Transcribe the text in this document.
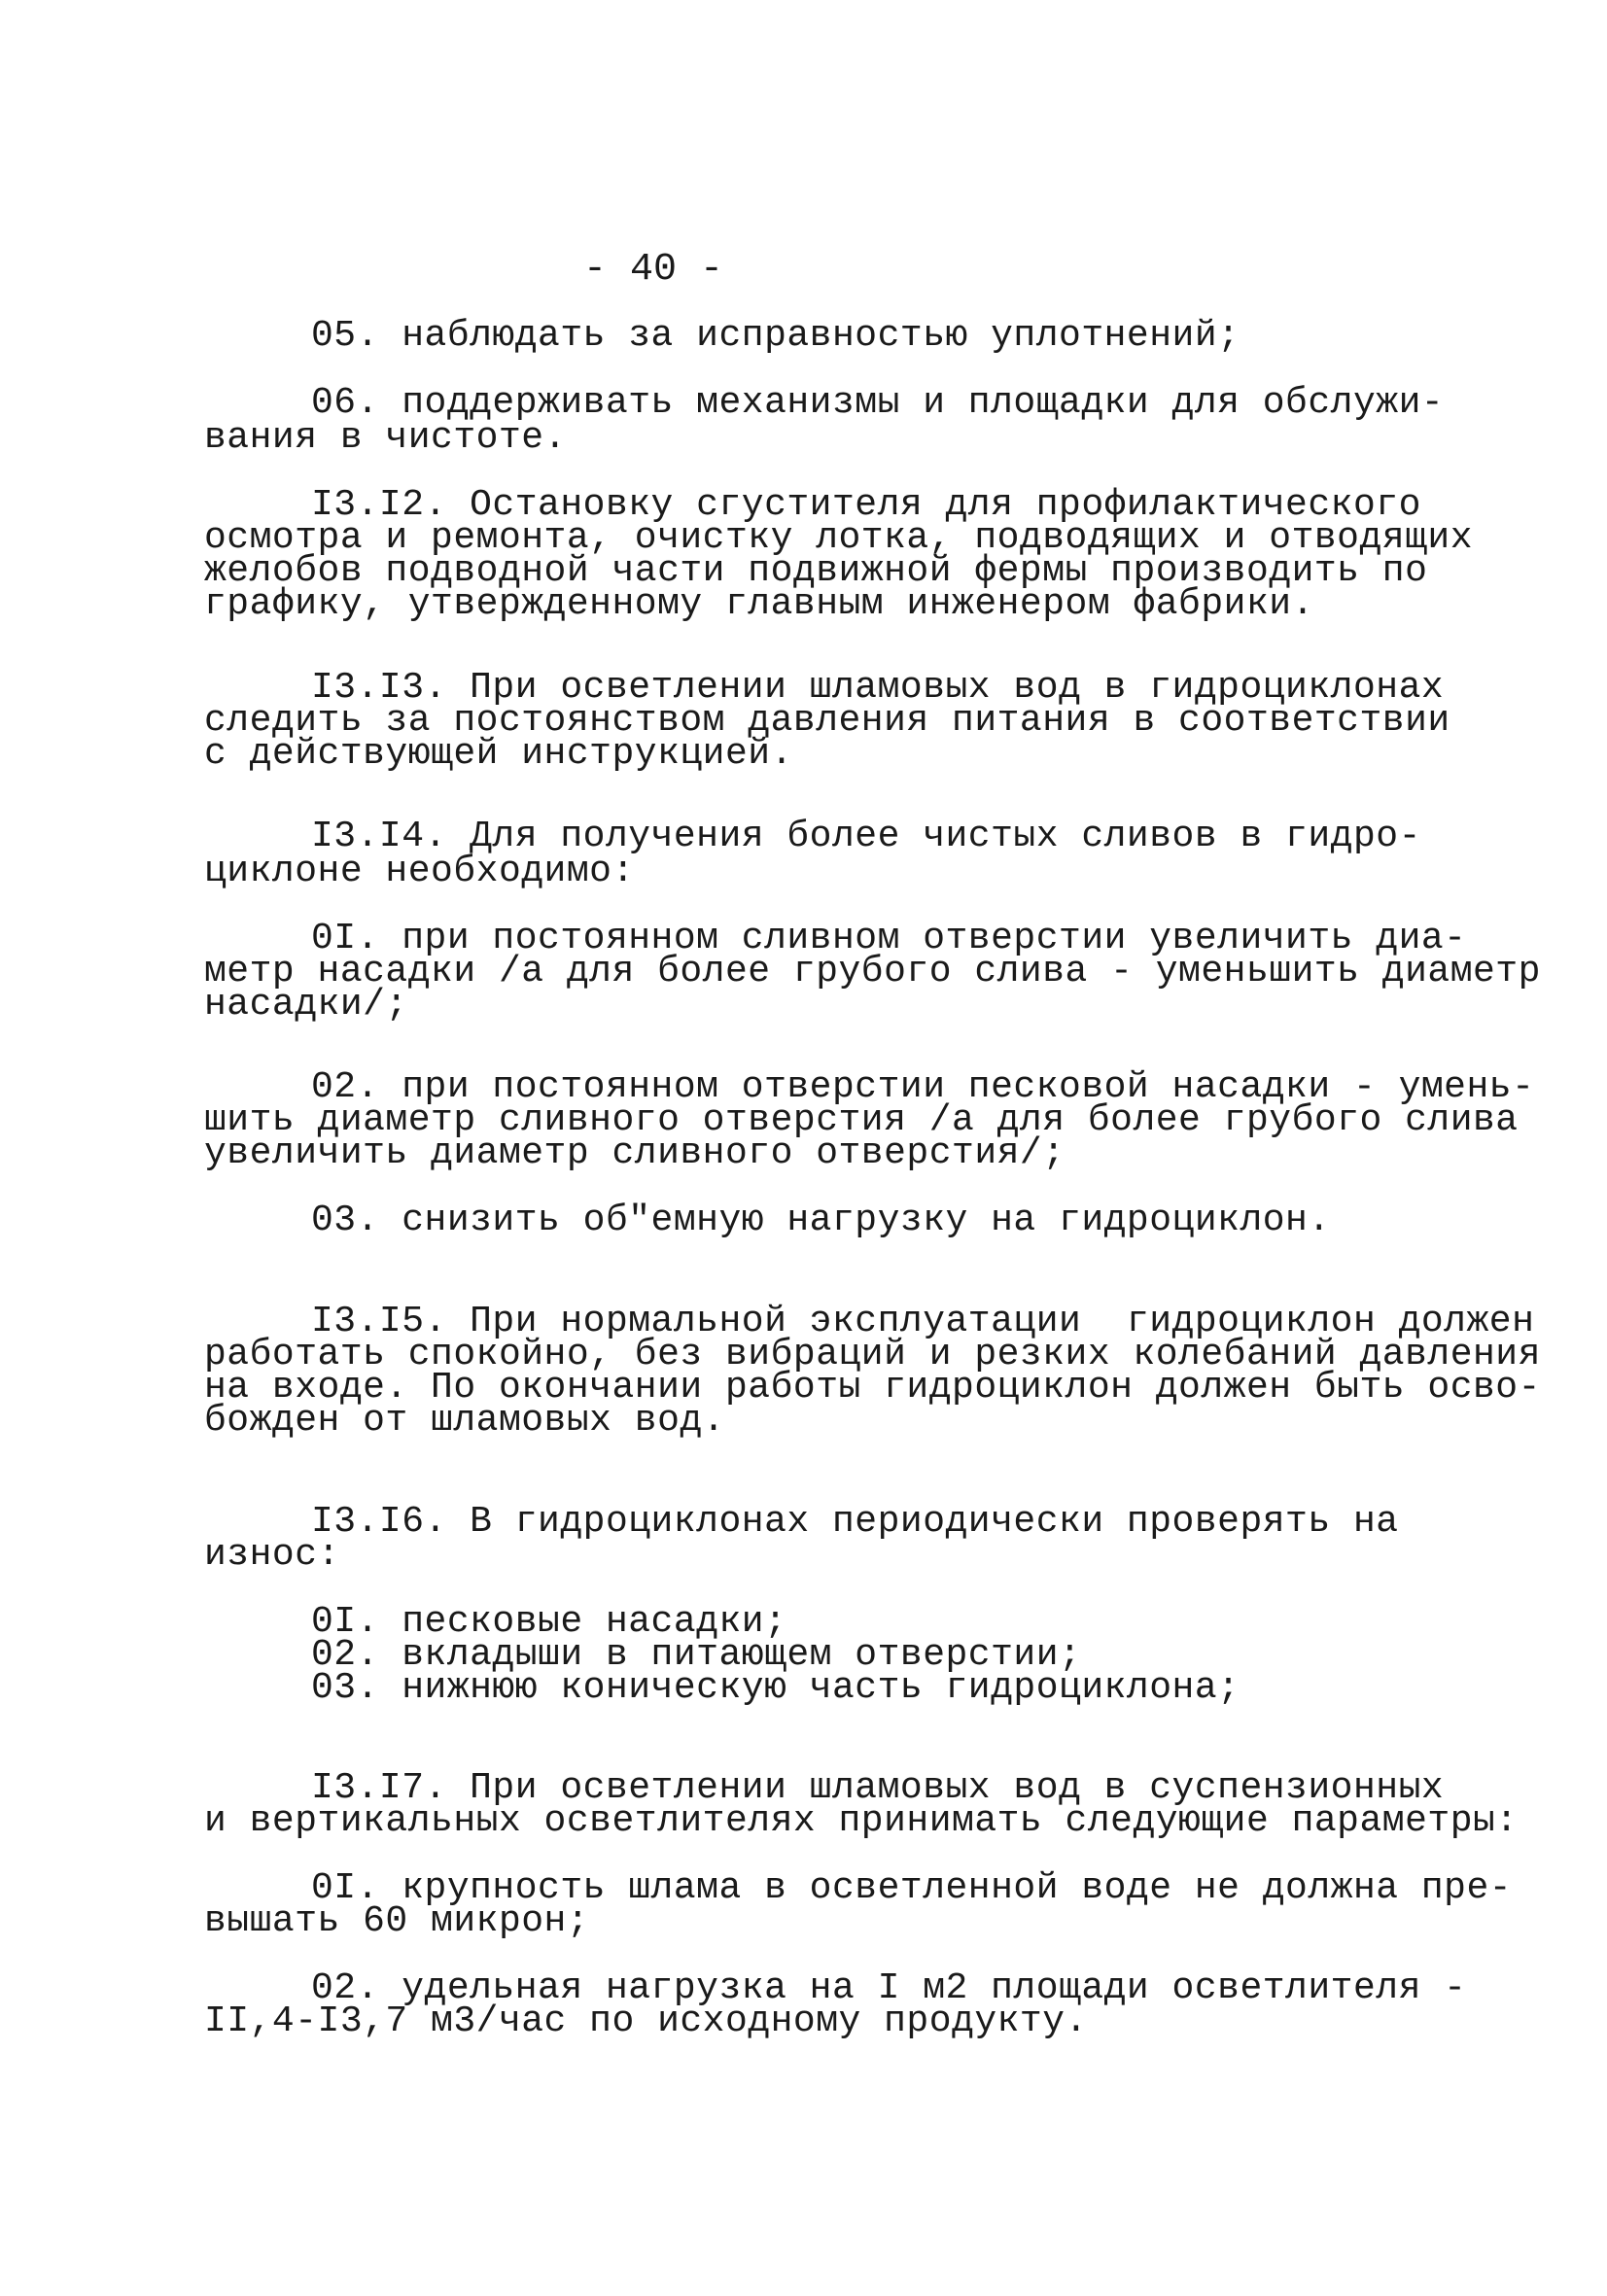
- 40 -
05. наблюдать за исправностью уплотнений;
06. поддерживать механизмы и площадки для обслужи-
вания в чистоте.
I3.I2. Остановку сгустителя для профилактического
осмотра и ремонта, очистку лотка, подводящих и отводящих
желобов подводной части подвижной фермы производить по
графику, утвержденному главным инженером фабрики.
I3.I3. При осветлении шламовых вод в гидроциклонах
следить за постоянством давления питания в соответствии
с действующей инструкцией.
I3.I4. Для получения более чистых сливов в гидро-
циклоне необходимо:
0I. при постоянном сливном отверстии увеличить диа-
метр насадки /а для более грубого слива - уменьшить диаметр
насадки/;
02. при постоянном отверстии песковой насадки - умень-
шить диаметр сливного отверстия /а для более грубого слива
увеличить диаметр сливного отверстия/;
03. снизить об"емную нагрузку на гидроциклон.
I3.I5. При нормальной эксплуатации  гидроциклон должен
работать спокойно, без вибраций и резких колебаний давления
на входе. По окончании работы гидроциклон должен быть осво-
божден от шламовых вод.
I3.I6. В гидроциклонах периодически проверять на
износ:
0I. песковые насадки;
02. вкладыши в питающем отверстии;
03. нижнюю коническую часть гидроциклона;
I3.I7. При осветлении шламовых вод в суспензионных
и вертикальных осветлителях принимать следующие параметры:
0I. крупность шлама в осветленной воде не должна пре-
вышать 60 микрон;
02. удельная нагрузка на I м2 площади осветлителя -
II,4-I3,7 м3/час по исходному продукту.
